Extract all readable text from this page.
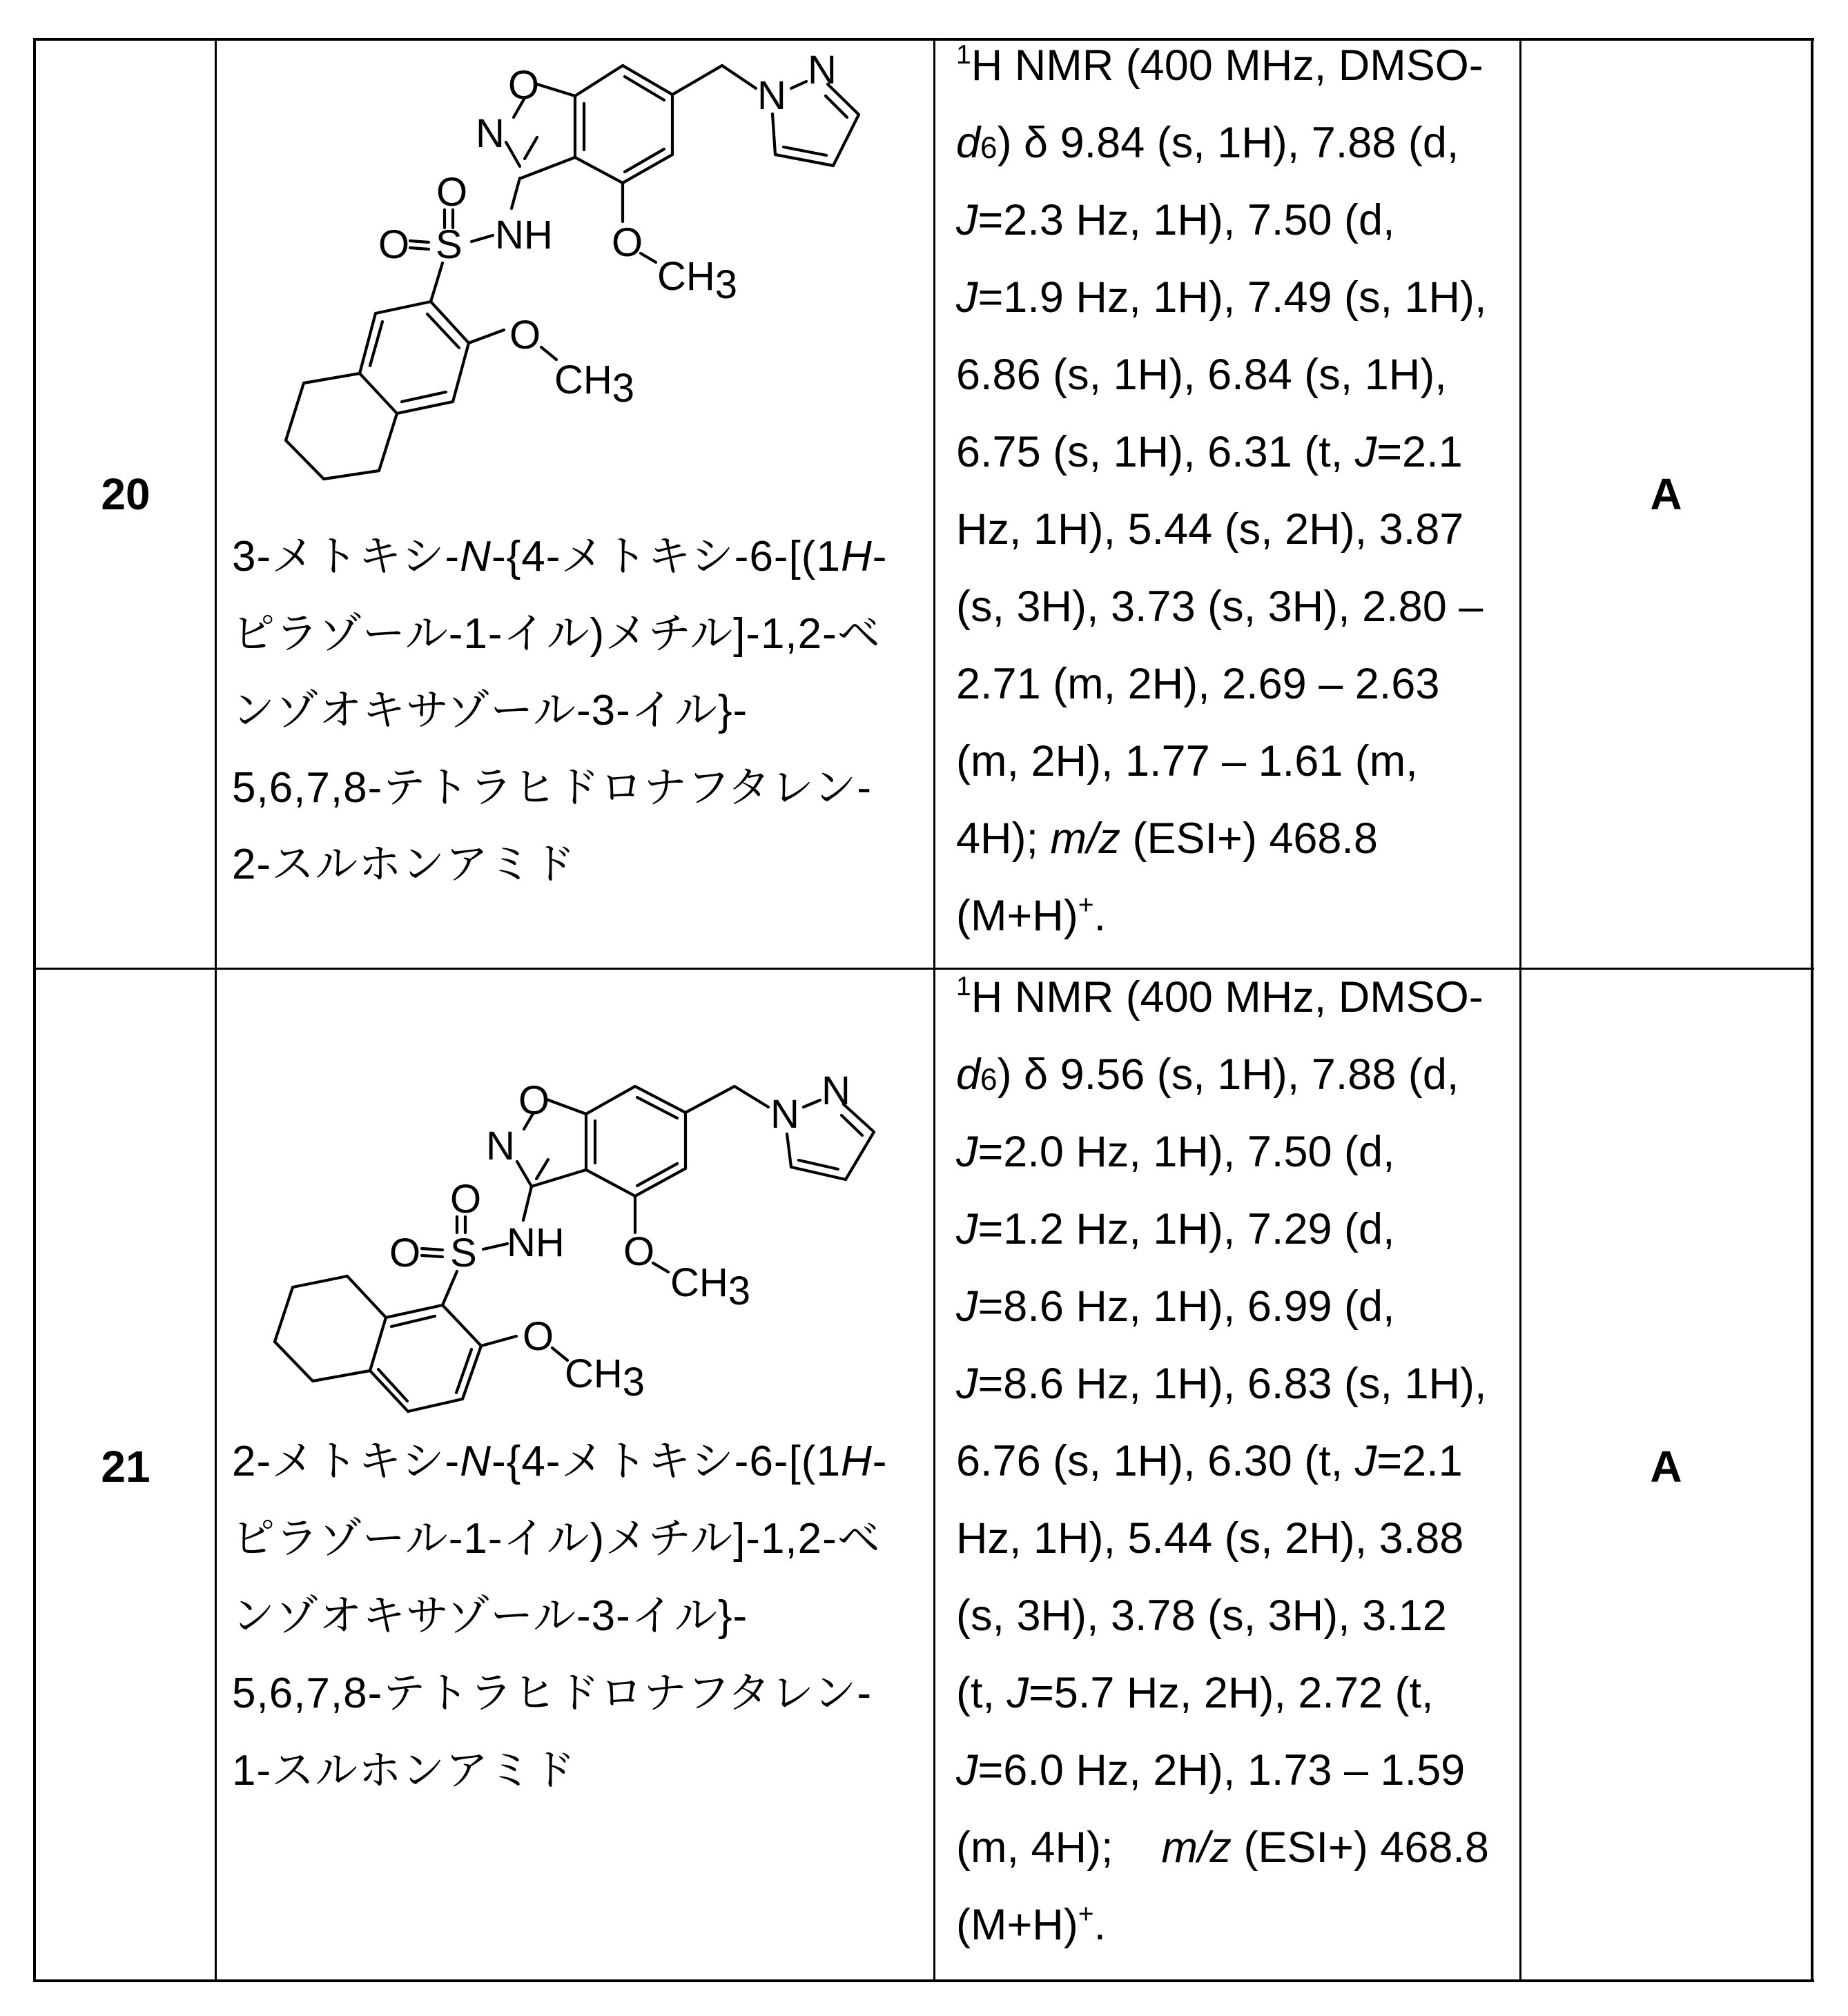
20
O
N
NH
S
O
O	O
CH3
O
CH3
N
N
3-メトキシ-N-{4-メトキシ-6-[(1H-
ピラゾール-1-イル)メチル]-1,2-ベ
ンゾオキサゾール-3-イル}-
5,6,7,8-テトラヒドロナフタレン-
2-スルホンアミド
$^1$H NMR (400 MHz, DMSO-
$d_6$) δ 9.84 (s, 1H), 7.88 (d,
J=2.3 Hz, 1H), 7.50 (d,
J=1.9 Hz, 1H), 7.49 (s, 1H),
6.86 (s, 1H), 6.84 (s, 1H),
6.75 (s, 1H), 6.31 (t, J=2.1
Hz, 1H), 5.44 (s, 2H), 3.87
(s, 3H), 3.73 (s, 3H), 2.80 –
2.71 (m, 2H), 2.69 – 2.63
(m, 2H), 1.77 – 1.61 (m,
4H); m/z (ESI+) 468.8
(M+H)+.
A
21
O
N
NH
S
O
O	O
CH3
O
CH3
N
N
2-メトキシ-N-{4-メトキシ-6-[(1H-
ピラゾール-1-イル)メチル]-1,2-ベ
ンゾオキサゾール-3-イル}-
5,6,7,8-テトラヒドロナフタレン-
1-スルホンアミド
$^1$H NMR (400 MHz, DMSO-
$d_6$) δ 9.56 (s, 1H), 7.88 (d,
J=2.0 Hz, 1H), 7.50 (d,
J=1.2 Hz, 1H), 7.29 (d,
J=8.6 Hz, 1H), 6.99 (d,
J=8.6 Hz, 1H), 6.83 (s, 1H),
6.76 (s, 1H), 6.30 (t, J=2.1
Hz, 1H), 5.44 (s, 2H), 3.88
(s, 3H), 3.78 (s, 3H), 3.12
(t, J=5.7 Hz, 2H), 2.72 (t,
J=6.0 Hz, 2H), 1.73 – 1.59
(m, 4H);    m/z (ESI+) 468.8
(M+H)+.
A
